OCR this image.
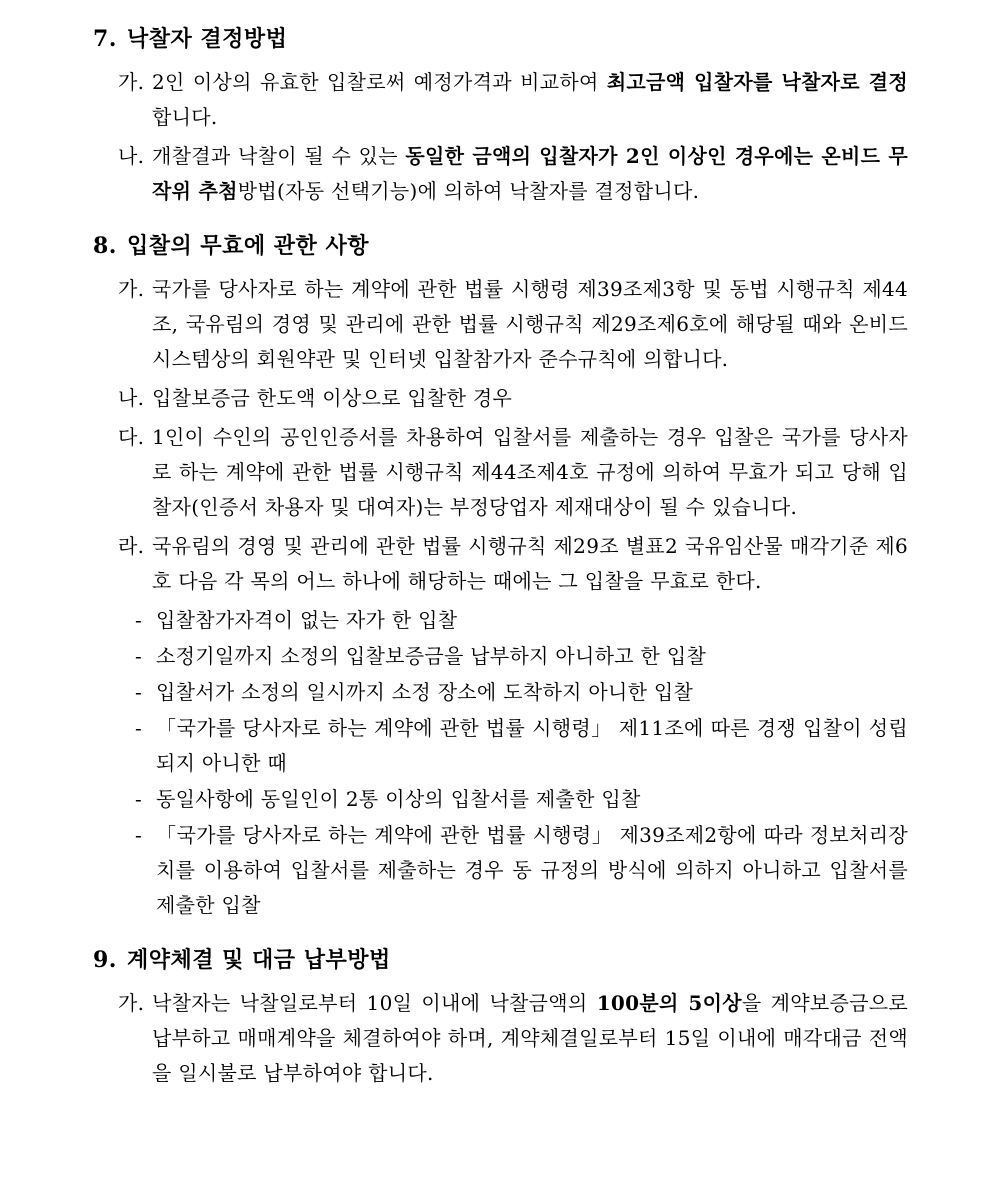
7. 낙찰자 결정방법
가. 2인 이상의 유효한 입찰로써 예정가격과 비교하여 최고금액 입찰자를 낙찰자로 결정합니다.
나. 개찰결과 낙찰이 될 수 있는 동일한 금액의 입찰자가 2인 이상인 경우에는 온비드 무작위 추첨방법(자동 선택기능)에 의하여 낙찰자를 결정합니다.
8. 입찰의 무효에 관한 사항
가. 국가를 당사자로 하는 계약에 관한 법률 시행령 제39조제3항 및 동법 시행규칙 제44조, 국유림의 경영 및 관리에 관한 법률 시행규칙 제29조제6호에 해당될 때와 온비드 시스템상의 회원약관 및 인터넷 입찰참가자 준수규칙에 의합니다.
나. 입찰보증금 한도액 이상으로 입찰한 경우
다. 1인이 수인의 공인인증서를 차용하여 입찰서를 제출하는 경우 입찰은 국가를 당사자로 하는 계약에 관한 법률 시행규칙 제44조제4호 규정에 의하여 무효가 되고 당해 입찰자(인증서 차용자 및 대여자)는 부정당업자 제재대상이 될 수 있습니다.
라. 국유림의 경영 및 관리에 관한 법률 시행규칙 제29조 별표2 국유임산물 매각기준 제6호 다음 각 목의 어느 하나에 해당하는 때에는 그 입찰을 무효로 한다.
- 입찰참가자격이 없는 자가 한 입찰
- 소정기일까지 소정의 입찰보증금을 납부하지 아니하고 한 입찰
- 입찰서가 소정의 일시까지 소정 장소에 도착하지 아니한 입찰
- 「국가를 당사자로 하는 계약에 관한 법률 시행령」 제11조에 따른 경쟁 입찰이 성립되지 아니한 때
- 동일사항에 동일인이 2통 이상의 입찰서를 제출한 입찰
- 「국가를 당사자로 하는 계약에 관한 법률 시행령」 제39조제2항에 따라 정보처리장치를 이용하여 입찰서를 제출하는 경우 동 규정의 방식에 의하지 아니하고 입찰서를 제출한 입찰
9. 계약체결 및 대금 납부방법
가. 낙찰자는 낙찰일로부터 10일 이내에 낙찰금액의 100분의 5이상을 계약보증금으로 납부하고 매매계약을 체결하여야 하며, 계약체결일로부터 15일 이내에 매각대금 전액을 일시불로 납부하여야 합니다.
